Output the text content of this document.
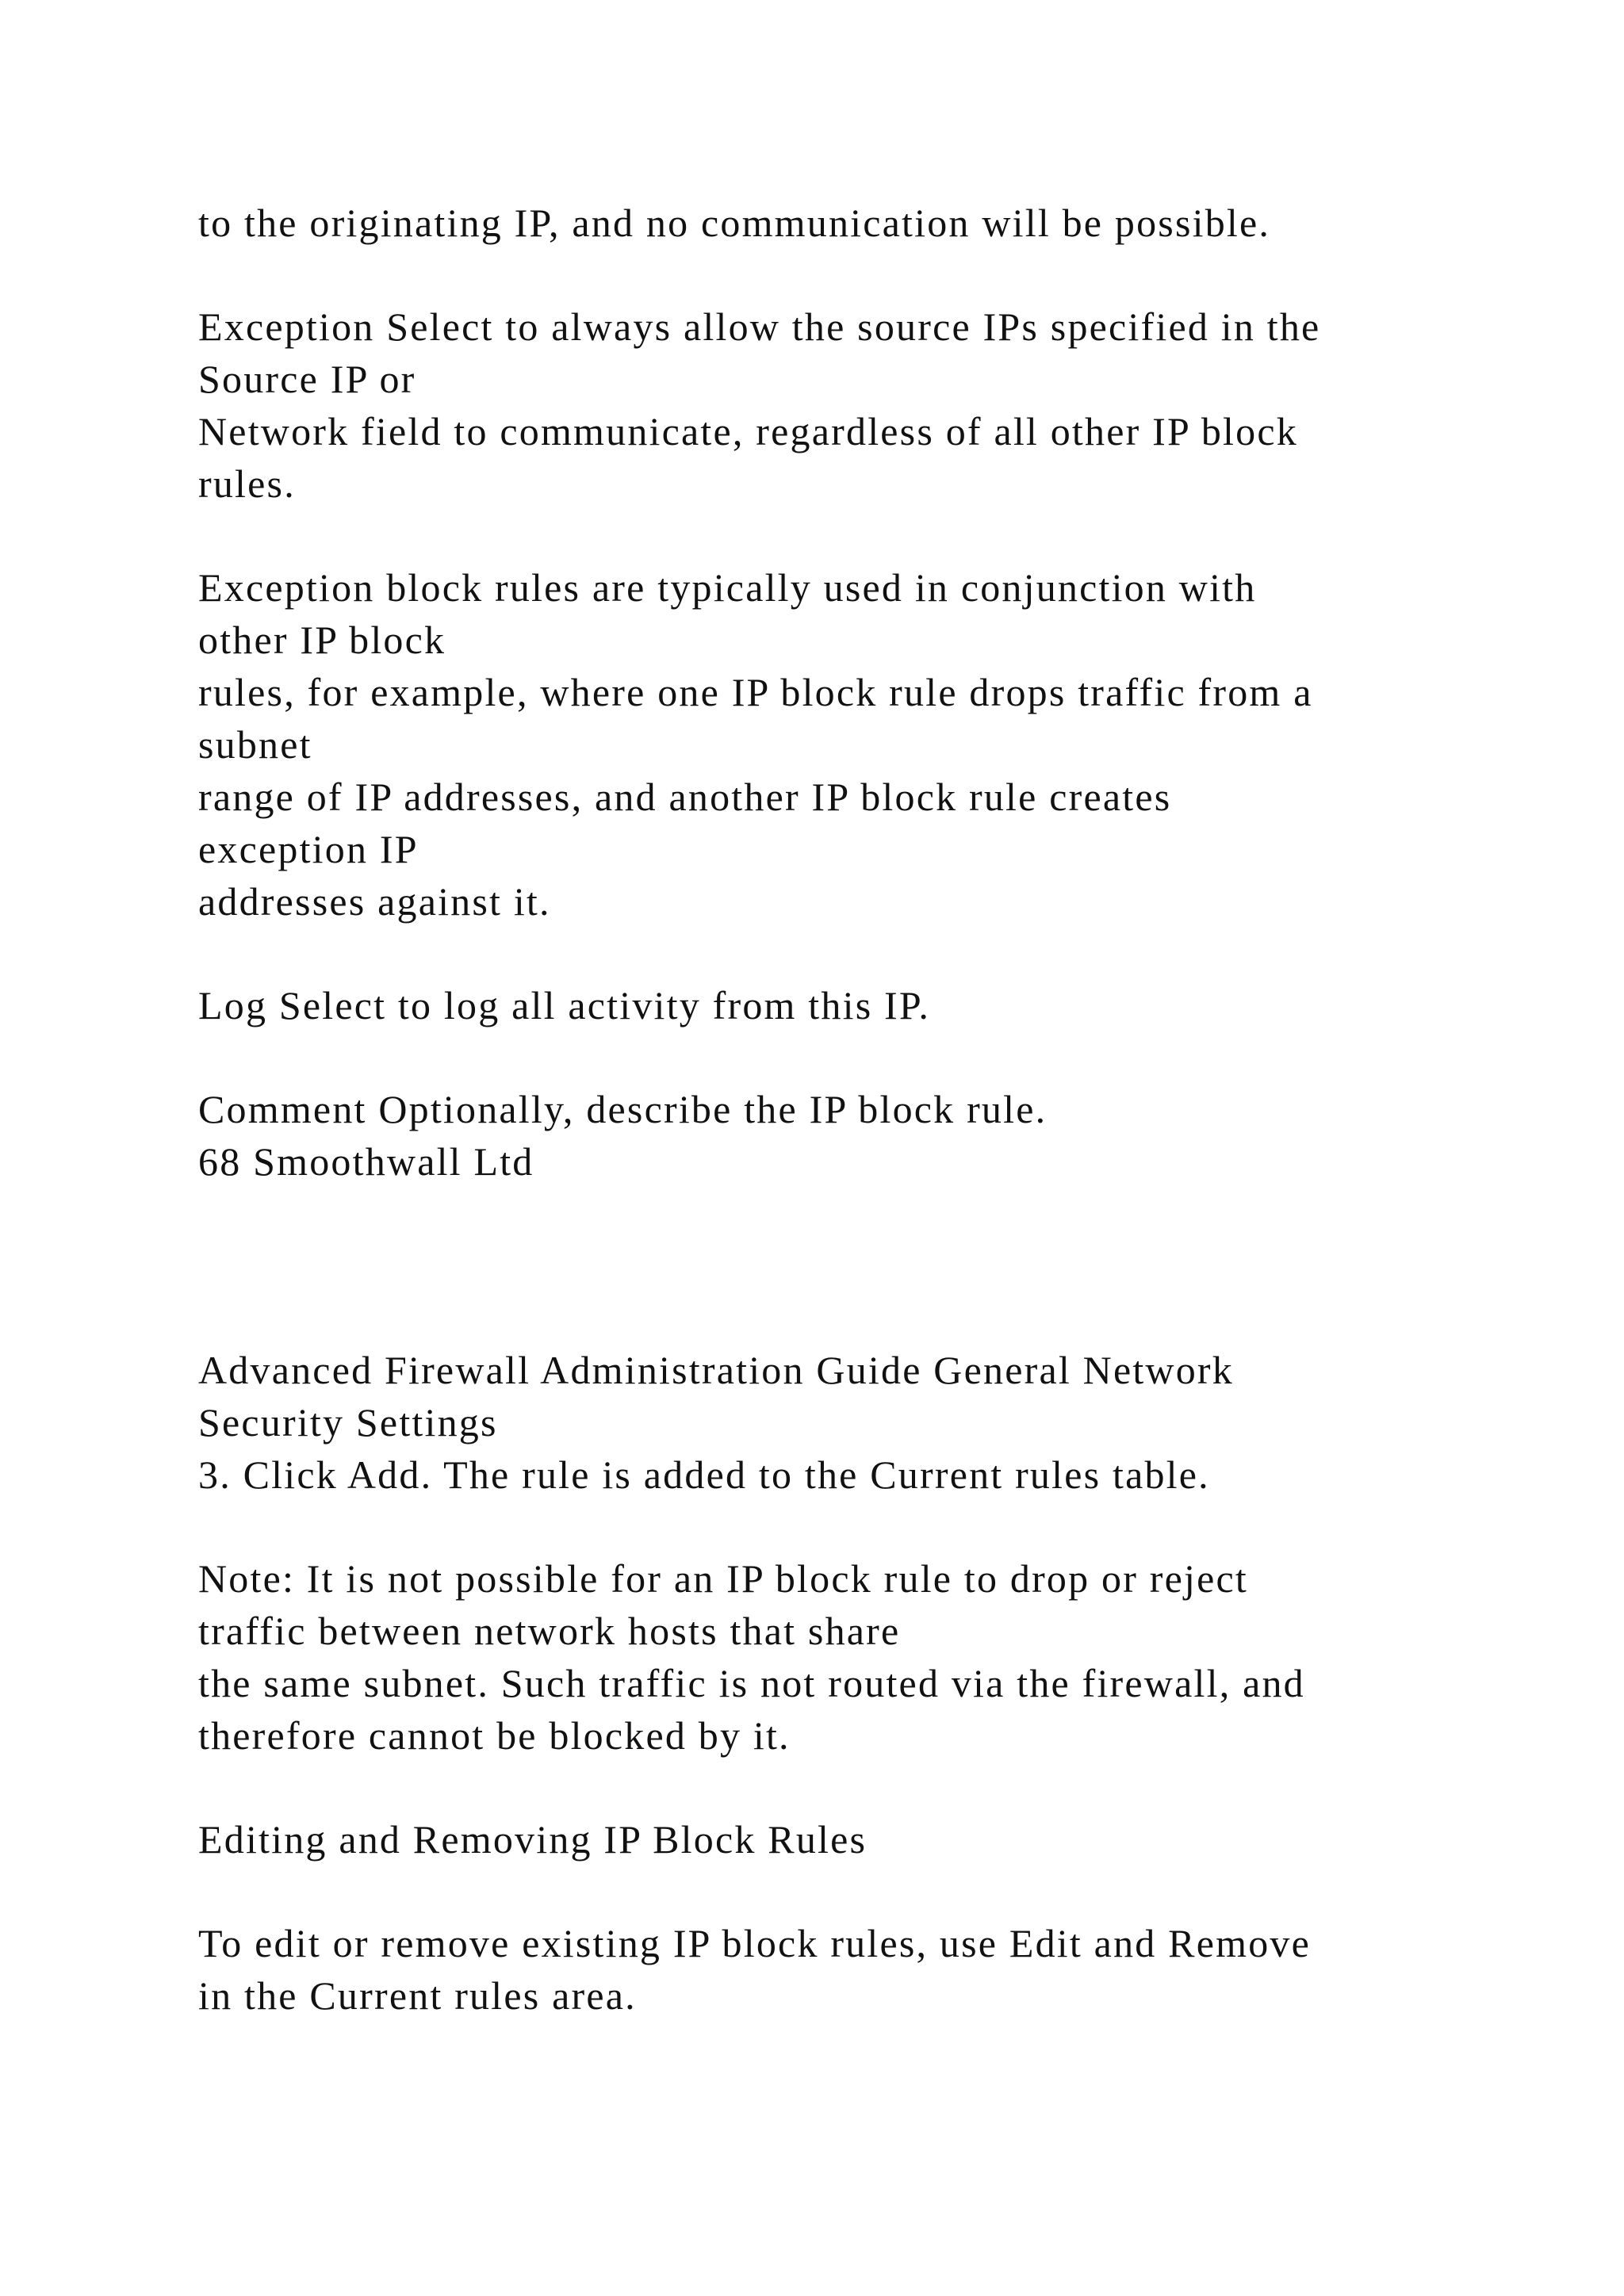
to the originating IP, and no communication will be possible.

Exception Select to always allow the source IPs specified in the

Source IP or

Network field to communicate, regardless of all other IP block

rules.

Exception block rules are typically used in conjunction with

other IP block

rules, for example, where one IP block rule drops traffic from a

subnet

range of IP addresses, and another IP block rule creates

exception IP

addresses against it.

Log Select to log all activity from this IP.

Comment Optionally, describe the IP block rule.

68 Smoothwall Ltd

Advanced Firewall Administration Guide General Network

Security Settings

3. Click Add. The rule is added to the Current rules table.

Note: It is not possible for an IP block rule to drop or reject

traffic between network hosts that share

the same subnet. Such traffic is not routed via the firewall, and

therefore cannot be blocked by it.

Editing and Removing IP Block Rules

To edit or remove existing IP block rules, use Edit and Remove

in the Current rules area.
